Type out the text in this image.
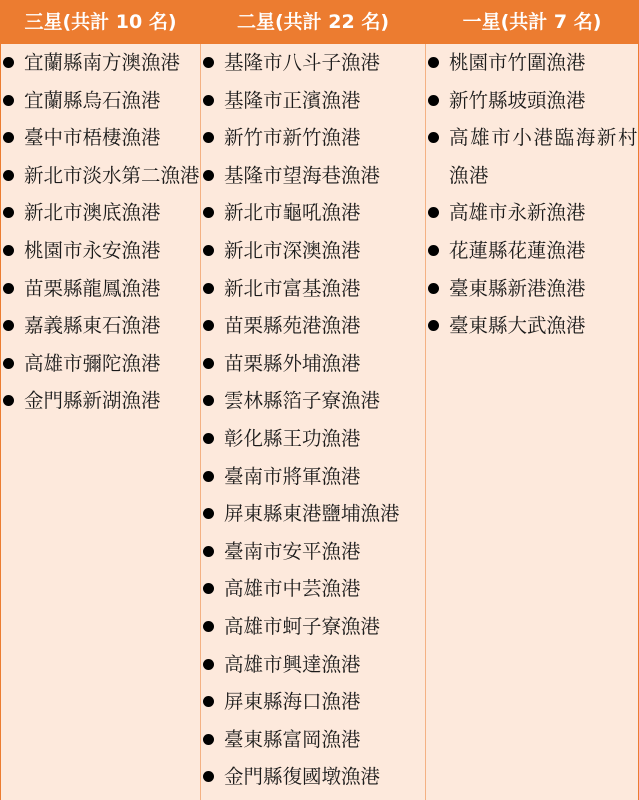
三星(共計 10 名)	二星(共計 22 名)	一星(共計 7 名)
宜蘭縣南方澳漁港
宜蘭縣烏石漁港
臺中市梧棲漁港
新北市淡水第二漁港
新北市澳底漁港
桃園市永安漁港
苗栗縣龍鳳漁港
嘉義縣東石漁港
高雄市彌陀漁港
金門縣新湖漁港
基隆市八斗子漁港
基隆市正濱漁港
新竹市新竹漁港
基隆市望海巷漁港
新北市龜吼漁港
新北市深澳漁港
新北市富基漁港
苗栗縣苑港漁港
苗栗縣外埔漁港
雲林縣箔子寮漁港
彰化縣王功漁港
臺南市將軍漁港
屏東縣東港鹽埔漁港
臺南市安平漁港
高雄市中芸漁港
高雄市蚵子寮漁港
高雄市興達漁港
屏東縣海口漁港
臺東縣富岡漁港
金門縣復國墩漁港
桃園市竹圍漁港
新竹縣坡頭漁港
高雄市小港臨海新村漁港
高雄市永新漁港
花蓮縣花蓮漁港
臺東縣新港漁港
臺東縣大武漁港
